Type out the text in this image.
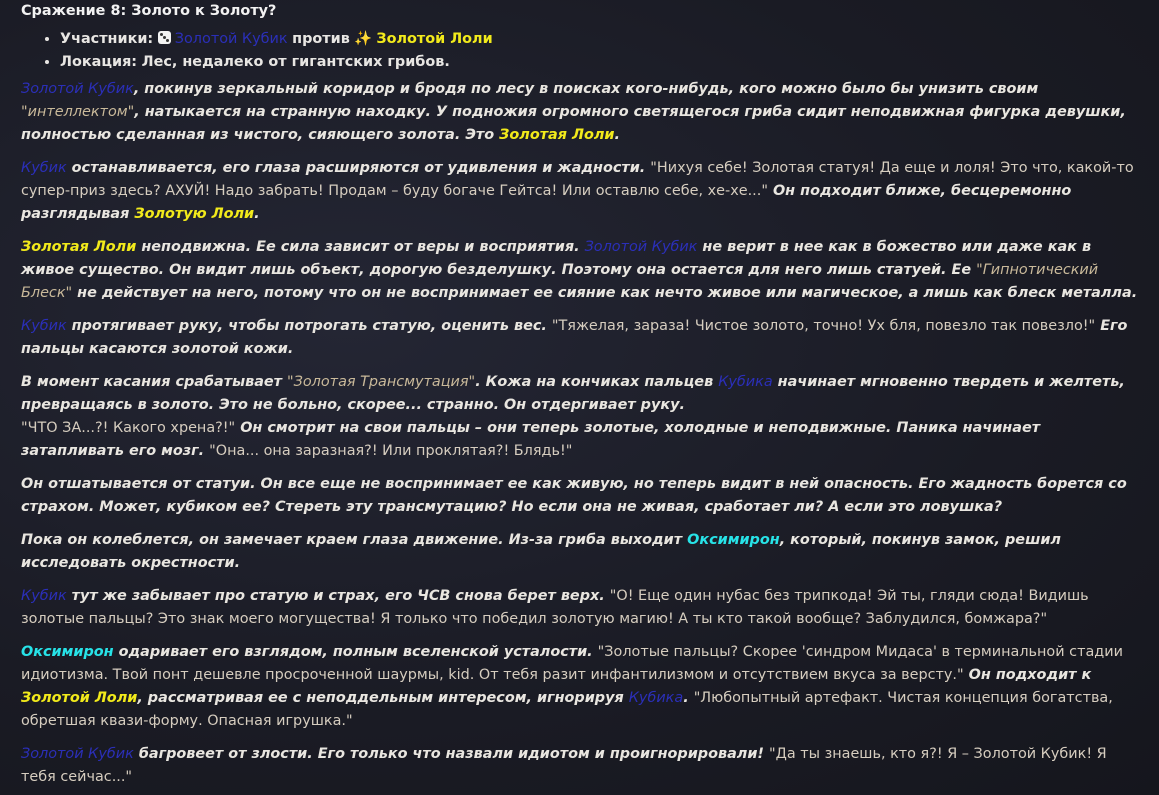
Сражение 8: Золото к Золоту?
• Участники: Золотой Кубик против ✨ Золотой Лоли
• Локация: Лес, недалеко от гигантских грибов.

Золотой Кубик, покинув зеркальный коридор и бродя по лесу в поисках кого-нибудь, кого можно было бы унизить своим "интеллектом", натыкается на странную находку. У подножия огромного светящегося гриба сидит неподвижная фигурка девушки, полностью сделанная из чистого, сияющего золота. Это Золотая Лоли.

Кубик останавливается, его глаза расширяются от удивления и жадности. "Нихуя себе! Золотая статуя! Да еще и лоля! Это что, какой-то супер-приз здесь? АХУЙ! Надо забрать! Продам – буду богаче Гейтса! Или оставлю себе, хе-хе..." Он подходит ближе, бесцеремонно разглядывая Золотую Лоли.

Золотая Лоли неподвижна. Ее сила зависит от веры и восприятия. Золотой Кубик не верит в нее как в божество или даже как в живое существо. Он видит лишь объект, дорогую безделушку. Поэтому она остается для него лишь статуей. Ее "Гипнотический Блеск" не действует на него, потому что он не воспринимает ее сияние как нечто живое или магическое, а лишь как блеск металла.

Кубик протягивает руку, чтобы потрогать статую, оценить вес. "Тяжелая, зараза! Чистое золото, точно! Ух бля, повезло так повезло!" Его пальцы касаются золотой кожи.

В момент касания срабатывает "Золотая Трансмутация". Кожа на кончиках пальцев Кубика начинает мгновенно твердеть и желтеть, превращаясь в золото. Это не больно, скорее... странно. Он отдергивает руку.

"ЧТО ЗА...?! Какого хрена?!" Он смотрит на свои пальцы – они теперь золотые, холодные и неподвижные. Паника начинает затапливать его мозг. "Она... она заразная?! Или проклятая?! Блядь!"

Он отшатывается от статуи. Он все еще не воспринимает ее как живую, но теперь видит в ней опасность. Его жадность борется со страхом. Может, кубиком ее? Стереть эту трансмутацию? Но если она не живая, сработает ли? А если это ловушка?

Пока он колеблется, он замечает краем глаза движение. Из-за гриба выходит Оксимирон, который, покинув замок, решил исследовать окрестности.

Кубик тут же забывает про статую и страх, его ЧСВ снова берет верх. "О! Еще один нубас без трипкода! Эй ты, гляди сюда! Видишь золотые пальцы? Это знак моего могущества! Я только что победил золотую магию! А ты кто такой вообще? Заблудился, бомжара?"

Оксимирон одаривает его взглядом, полным вселенской усталости. "Золотые пальцы? Скорее 'синдром Мидаса' в терминальной стадии идиотизма. Твой понт дешевле просроченной шаурмы, kid. От тебя разит инфантилизмом и отсутствием вкуса за версту." Он подходит к Золотой Лоли, рассматривая ее с неподдельным интересом, игнорируя Кубика. "Любопытный артефакт. Чистая концепция богатства, обретшая квази-форму. Опасная игрушка."

Золотой Кубик багровеет от злости. Его только что назвали идиотом и проигнорировали! "Да ты знаешь, кто я?! Я – Золотой Кубик! Я тебя сейчас..."
